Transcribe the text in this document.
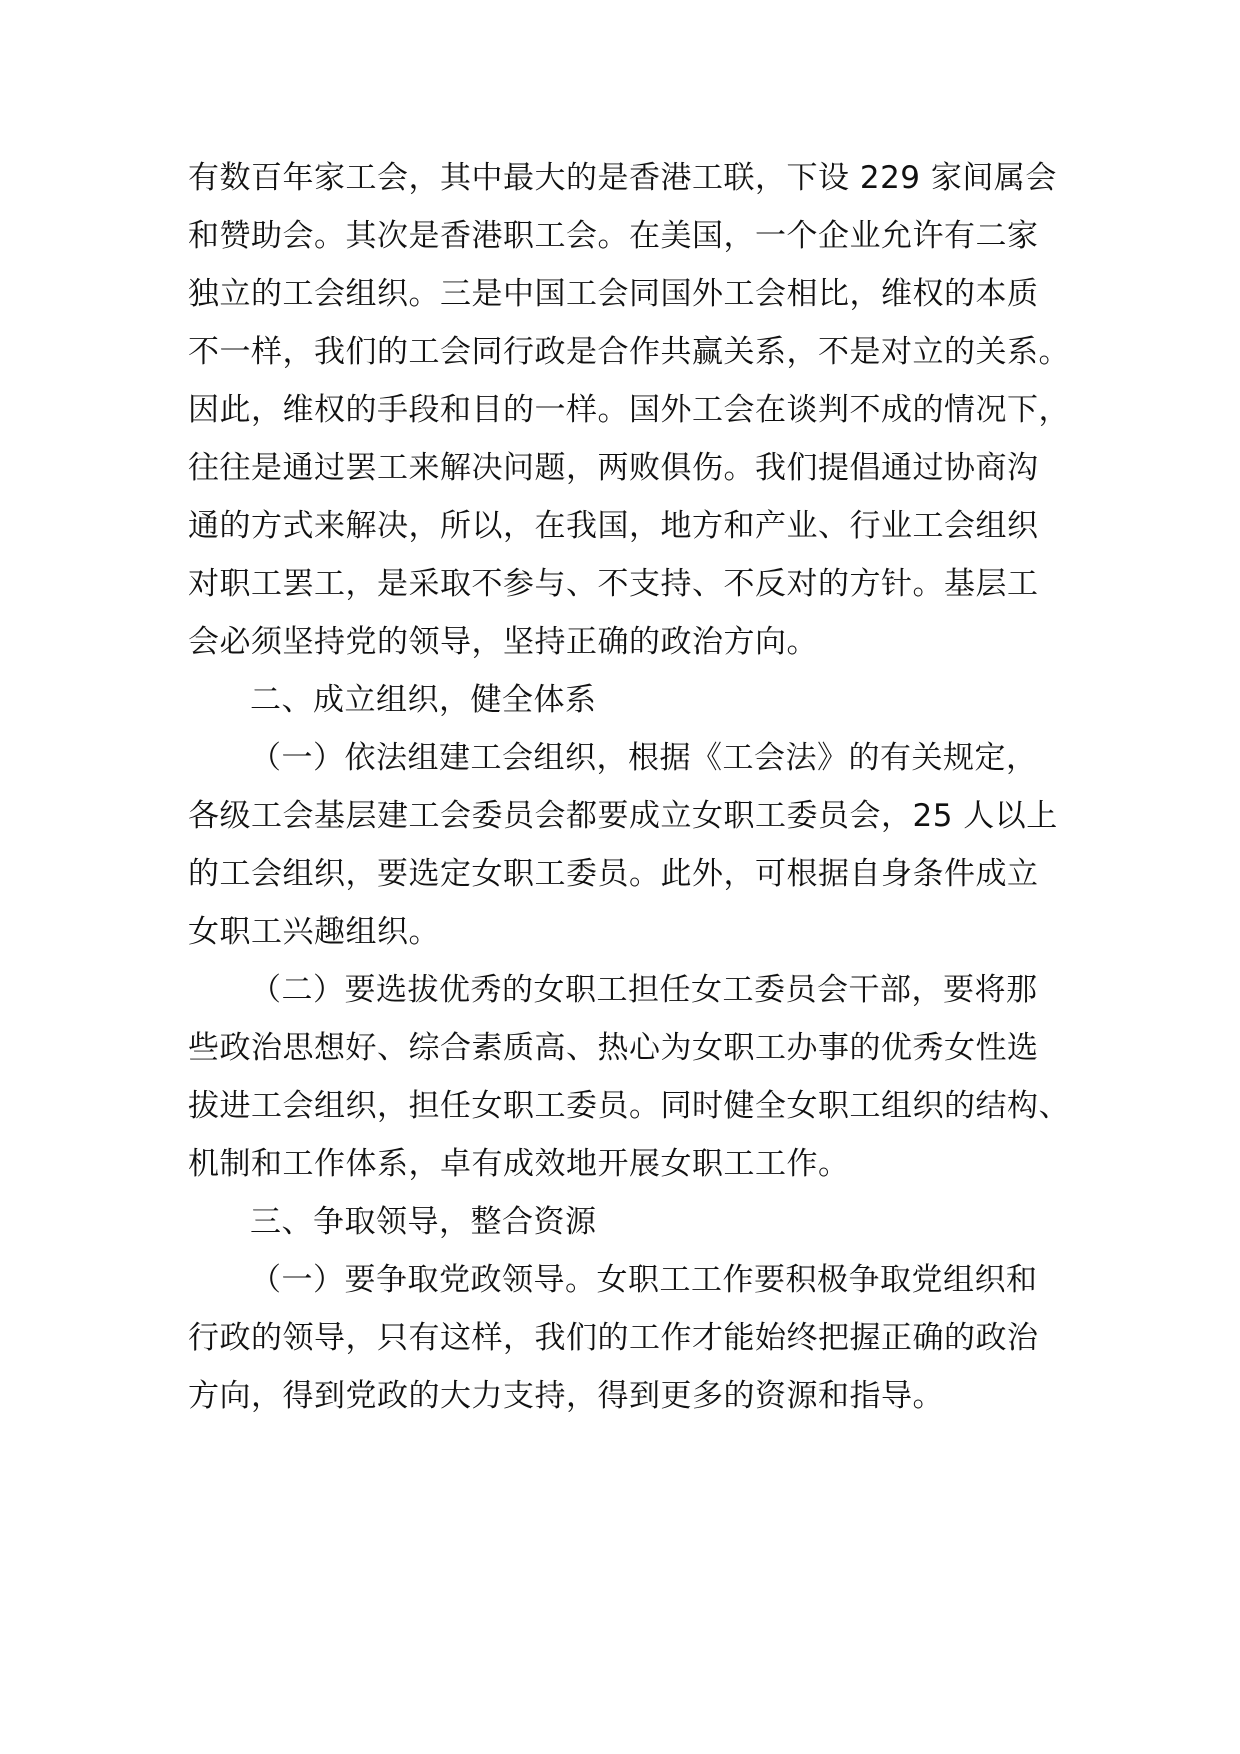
有数百年家工会，其中最大的是香港工联，下设 229 家间属会
和赞助会。其次是香港职工会。在美国，一个企业允许有二家
独立的工会组织。三是中国工会同国外工会相比，维权的本质
不一样，我们的工会同行政是合作共赢关系，不是对立的关系。
因此，维权的手段和目的一样。国外工会在谈判不成的情况下，
往往是通过罢工来解决问题，两败俱伤。我们提倡通过协商沟
通的方式来解决，所以，在我国，地方和产业、行业工会组织
对职工罢工，是采取不参与、不支持、不反对的方针。基层工
会必须坚持党的领导，坚持正确的政治方向。
二、成立组织，健全体系
（一）依法组建工会组织，根据《工会法》的有关规定，
各级工会基层建工会委员会都要成立女职工委员会，25 人以上
的工会组织，要选定女职工委员。此外，可根据自身条件成立
女职工兴趣组织。
（二）要选拔优秀的女职工担任女工委员会干部，要将那
些政治思想好、综合素质高、热心为女职工办事的优秀女性选
拔进工会组织，担任女职工委员。同时健全女职工组织的结构、
机制和工作体系，卓有成效地开展女职工工作。
三、争取领导，整合资源
（一）要争取党政领导。女职工工作要积极争取党组织和
行政的领导，只有这样，我们的工作才能始终把握正确的政治
方向，得到党政的大力支持，得到更多的资源和指导。
